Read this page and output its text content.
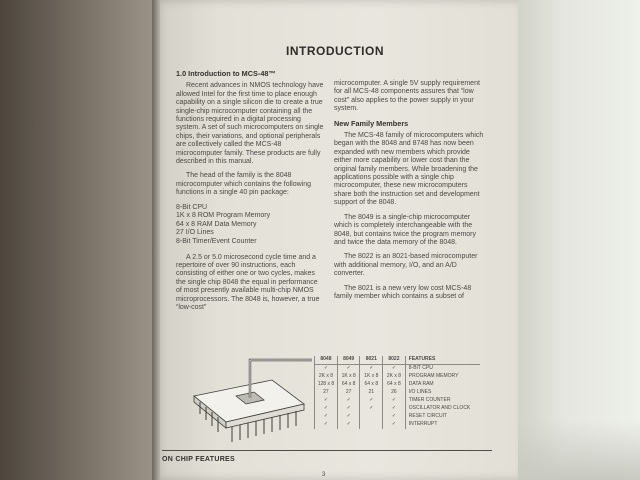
INTRODUCTION
1.0 Introduction to MCS-48™

Recent advances in NMOS technology have allowed Intel for the first time to place enough capability on a single silicon die to create a true single-chip microcomputer containing all the functions required in a digital processing system. A set of such microcomputers on single chips, their variations, and optional peripherals are collectively called the MCS-48 microcomputer family. These products are fully described in this manual.

The head of the family is the 8048 microcomputer which contains the following functions in a single 40 pin package:

8-Bit CPU
1K x 8 ROM Program Memory
64 x 8 RAM Data Memory
27 I/O Lines
8-Bit Timer/Event Counter

A 2.5 or 5.0 microsecond cycle time and a repertoire of over 90 instructions, each consisting of either one or two cycles, makes the single chip 8048 the equal in performance of most presently available multi-chip NMOS microprocessors. The 8048 is, however, a true “low-cost”

microcomputer. A single 5V supply requirement for all MCS-48 components assures that “low cost” also applies to the power supply in your system.

New Family Members

The MCS-48 family of microcomputers which began with the 8048 and 8748 has now been expanded with new members which provide either more capability or lower cost than the original family members. While broadening the applications possible with a single chip microcomputer, these new microcomputers share both the instruction set and development support of the 8048.

The 8049 is a single-chip microcomputer which is completely interchangeable with the 8048, but contains twice the program memory and twice the data memory of the 8048.

The 8022 is an 8021-based microcomputer with additional memory, I/O, and an A/D converter.

The 8021 is a new very low cost MCS-48 family member which contains a subset of

8048	8049	8021	8022	FEATURES
✓	✓	✓	✓	8-BIT CPU
2K x 8	1K x 8	1K x 8	2K x 8	PROGRAM MEMORY
128 x 8	64 x 8	64 x 8	64 x 8	DATA RAM
27	27	21	26	I/O LINES
✓	✓	✓	✓	TIMER COUNTER
✓	✓	✓	✓	OSCILLATOR AND CLOCK
✓	✓		✓	RESET CIRCUIT
✓	✓		✓	INTERRUPT
ON CHIP FEATURES
3
